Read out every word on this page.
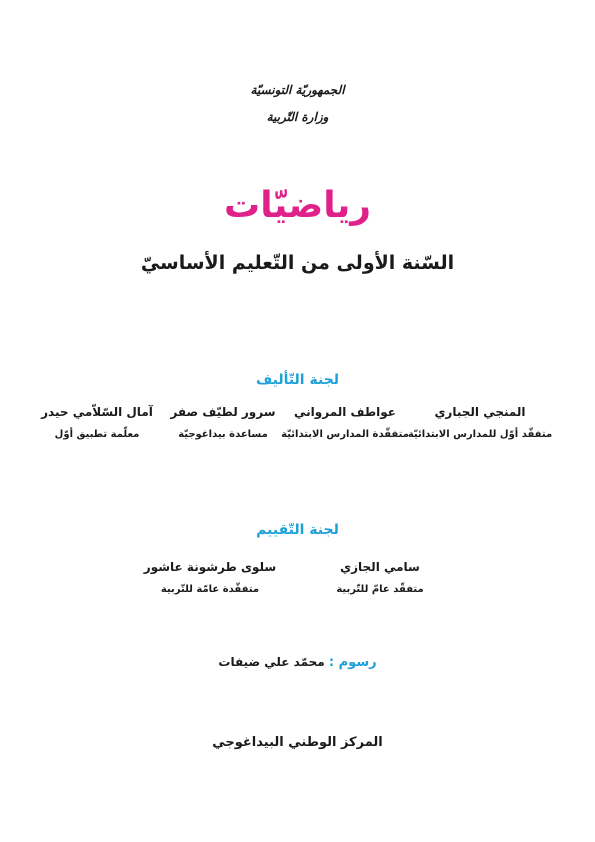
الجمهوريّة التونسيّة
وزارة التّربية
رياضيّات
السّنة الأولى من التّعليم الأساسيّ
لجنة التّأليف
المنجي الجباري
متفقّد أوّل للمدارس الابتدائيّة
عواطف المرواني
متفقّدة المدارس الابتدائيّة
سرور لطيّف صفر
مساعدة بيداغوجيّة
آمال السّلاّمي حيدر
معلّمة تطبيق أوّل
لجنة التّقييم
سامي الجازي
متفقّد عامّ للتّربية
سلوى طرشونة عاشور
متفقّدة عامّة للتّربية
رسوم : محمّد علي ضيفات
المركز الوطني البيداغوجي
